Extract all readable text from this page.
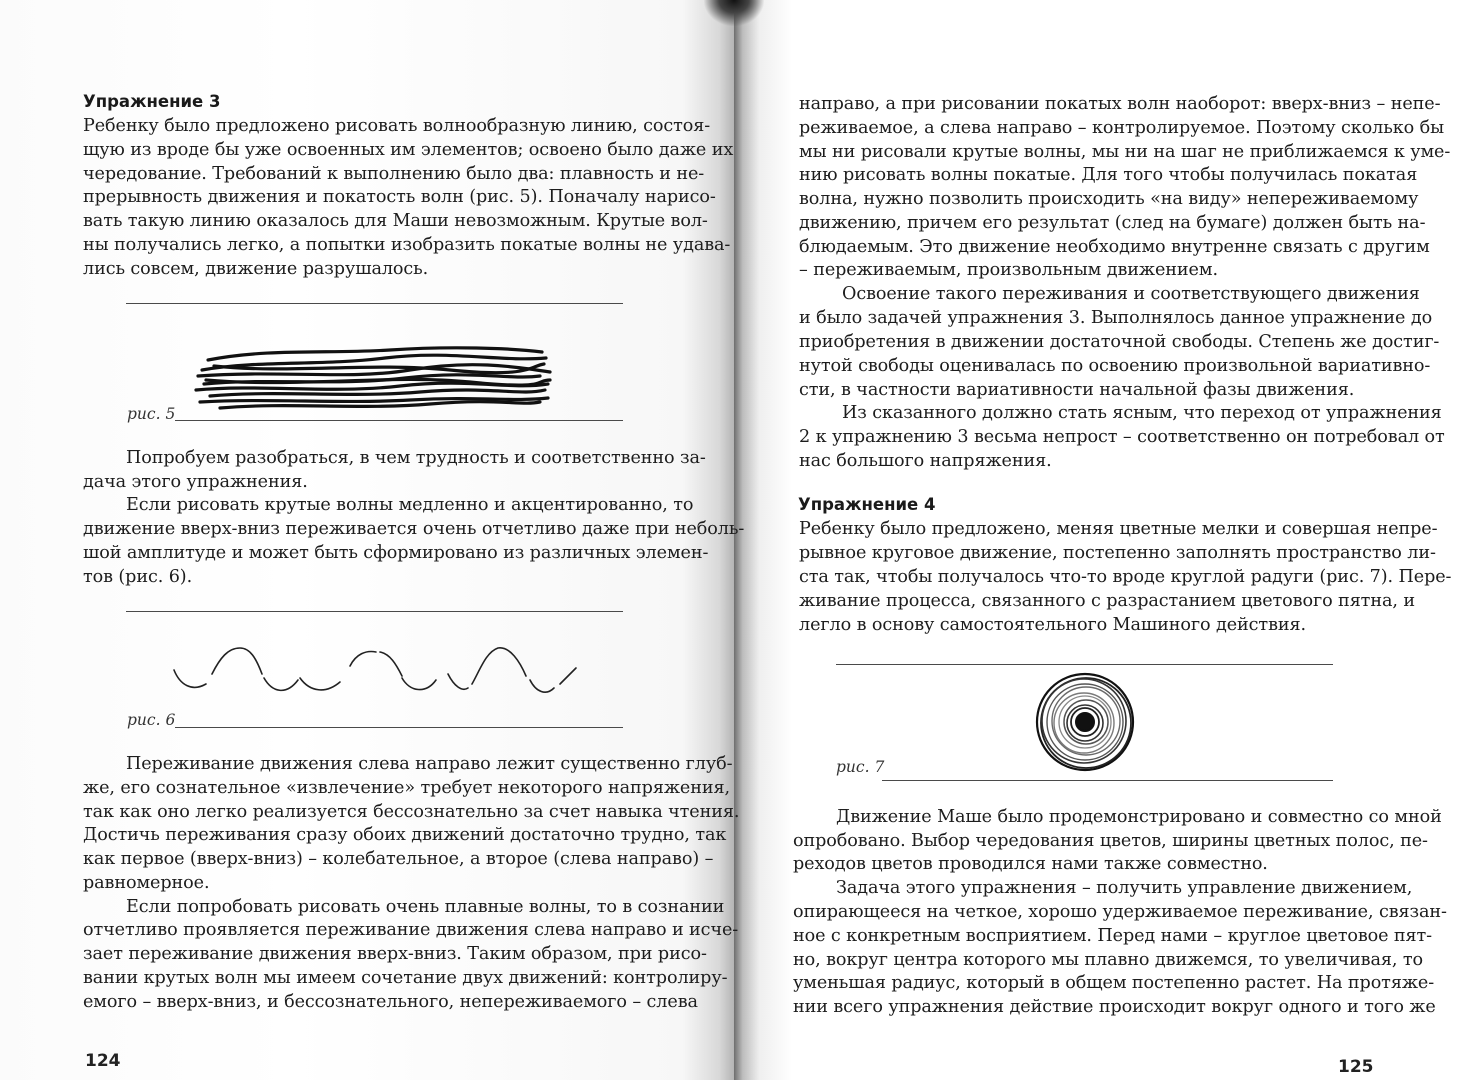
Упражнение 3
Ребенку было предложено рисовать волнообразную линию, состоя-
щую из вроде бы уже освоенных им элементов; освоено было даже их
чередование. Требований к выполнению было два: плавность и не-
прерывность движения и покатость волн (рис. 5). Поначалу нарисо-
вать такую линию оказалось для Маши невозможным. Крутые вол-
ны получались легко, а попытки изобразить покатые волны не удава-
лись совсем, движение разрушалось.
рис. 5
Попробуем разобраться, в чем трудность и соответственно за-
дача этого упражнения.
Если рисовать крутые волны медленно и акцентированно, то
движение вверх-вниз переживается очень отчетливо даже при неболь-
шой амплитуде и может быть сформировано из различных элемен-
тов (рис. 6).
рис. 6
Переживание движения слева направо лежит существенно глуб-
же, его сознательное «извлечение» требует некоторого напряжения,
так как оно легко реализуется бессознательно за счет навыка чтения.
Достичь переживания сразу обоих движений достаточно трудно, так
как первое (вверх-вниз) – колебательное, а второе (слева направо) –
равномерное.
Если попробовать рисовать очень плавные волны, то в сознании
отчетливо проявляется переживание движения слева направо и исче-
зает переживание движения вверх-вниз. Таким образом, при рисо-
вании крутых волн мы имеем сочетание двух движений: контролиру-
емого – вверх-вниз, и бессознательного, непереживаемого – слева
124
направо, а при рисовании покатых волн наоборот: вверх-вниз – непе-
реживаемое, а слева направо – контролируемое. Поэтому сколько бы
мы ни рисовали крутые волны, мы ни на шаг не приближаемся к уме-
нию рисовать волны покатые. Для того чтобы получилась покатая
волна, нужно позволить происходить «на виду» непереживаемому
движению, причем его результат (след на бумаге) должен быть на-
блюдаемым. Это движение необходимо внутренне связать с другим
– переживаемым, произвольным движением.
Освоение такого переживания и соответствующего движения
и было задачей упражнения 3. Выполнялось данное упражнение до
приобретения в движении достаточной свободы. Степень же достиг-
нутой свободы оценивалась по освоению произвольной вариативно-
сти, в частности вариативности начальной фазы движения.
Из сказанного должно стать ясным, что переход от упражнения
2 к упражнению 3 весьма непрост – соответственно он потребовал от
нас большого напряжения.
Упражнение 4
Ребенку было предложено, меняя цветные мелки и совершая непре-
рывное круговое движение, постепенно заполнять пространство ли-
ста так, чтобы получалось что-то вроде круглой радуги (рис. 7). Пере-
живание процесса, связанного с разрастанием цветового пятна, и
легло в основу самостоятельного Машиного действия.
рис. 7
Движение Маше было продемонстрировано и совместно со мной
опробовано. Выбор чередования цветов, ширины цветных полос, пе-
реходов цветов проводился нами также совместно.
Задача этого упражнения – получить управление движением,
опирающееся на четкое, хорошо удерживаемое переживание, связан-
ное с конкретным восприятием. Перед нами – круглое цветовое пят-
но, вокруг центра которого мы плавно движемся, то увеличивая, то
уменьшая радиус, который в общем постепенно растет. На протяже-
нии всего упражнения действие происходит вокруг одного и того же
125
